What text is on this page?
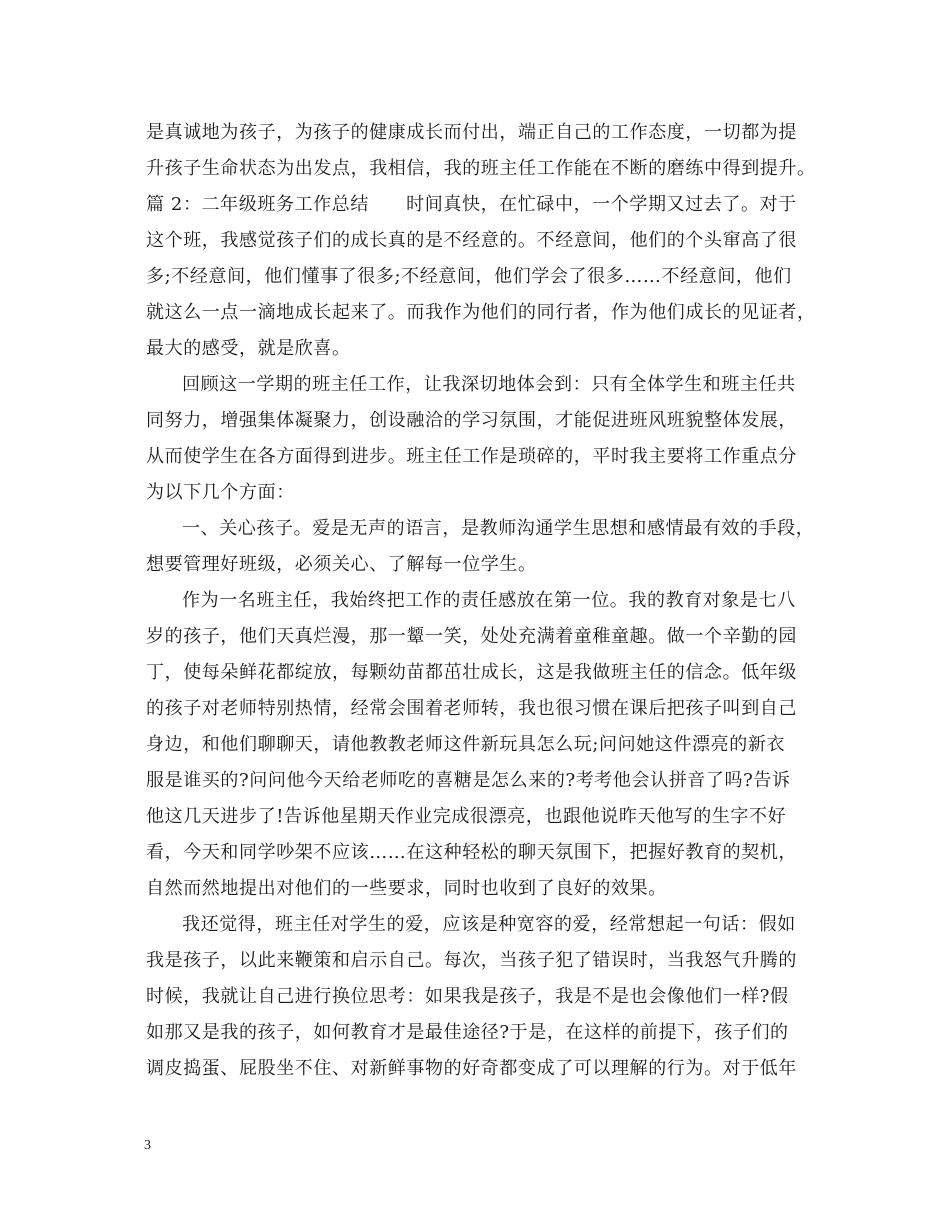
是真诚地为孩子，为孩子的健康成长而付出，端正自己的工作态度，一切都为提
升孩子生命状态为出发点，我相信，我的班主任工作能在不断的磨练中得到提升。
篇 2：二年级班务工作总结　　时间真快，在忙碌中，一个学期又过去了。对于
这个班，我感觉孩子们的成长真的是不经意的。不经意间，他们的个头窜高了很
多;不经意间，他们懂事了很多;不经意间，他们学会了很多……不经意间，他们
就这么一点一滴地成长起来了。而我作为他们的同行者，作为他们成长的见证者，
最大的感受，就是欣喜。
回顾这一学期的班主任工作，让我深切地体会到：只有全体学生和班主任共
同努力，增强集体凝聚力，创设融洽的学习氛围，才能促进班风班貌整体发展，
从而使学生在各方面得到进步。班主任工作是琐碎的，平时我主要将工作重点分
为以下几个方面：
一、关心孩子。爱是无声的语言，是教师沟通学生思想和感情最有效的手段，
想要管理好班级，必须关心、了解每一位学生。
作为一名班主任，我始终把工作的责任感放在第一位。我的教育对象是七八
岁的孩子，他们天真烂漫，那一颦一笑，处处充满着童稚童趣。做一个辛勤的园
丁，使每朵鲜花都绽放，每颗幼苗都茁壮成长，这是我做班主任的信念。低年级
的孩子对老师特别热情，经常会围着老师转，我也很习惯在课后把孩子叫到自己
身边，和他们聊聊天，请他教教老师这件新玩具怎么玩;问问她这件漂亮的新衣
服是谁买的?问问他今天给老师吃的喜糖是怎么来的?考考他会认拼音了吗?告诉
他这几天进步了!告诉他星期天作业完成很漂亮，也跟他说昨天他写的生字不好
看，今天和同学吵架不应该……在这种轻松的聊天氛围下，把握好教育的契机，
自然而然地提出对他们的一些要求，同时也收到了良好的效果。
我还觉得，班主任对学生的爱，应该是种宽容的爱，经常想起一句话：假如
我是孩子，以此来鞭策和启示自己。每次，当孩子犯了错误时，当我怒气升腾的
时候，我就让自己进行换位思考：如果我是孩子，我是不是也会像他们一样?假
如那又是我的孩子，如何教育才是最佳途径?于是，在这样的前提下，孩子们的
调皮捣蛋、屁股坐不住、对新鲜事物的好奇都变成了可以理解的行为。对于低年
3
